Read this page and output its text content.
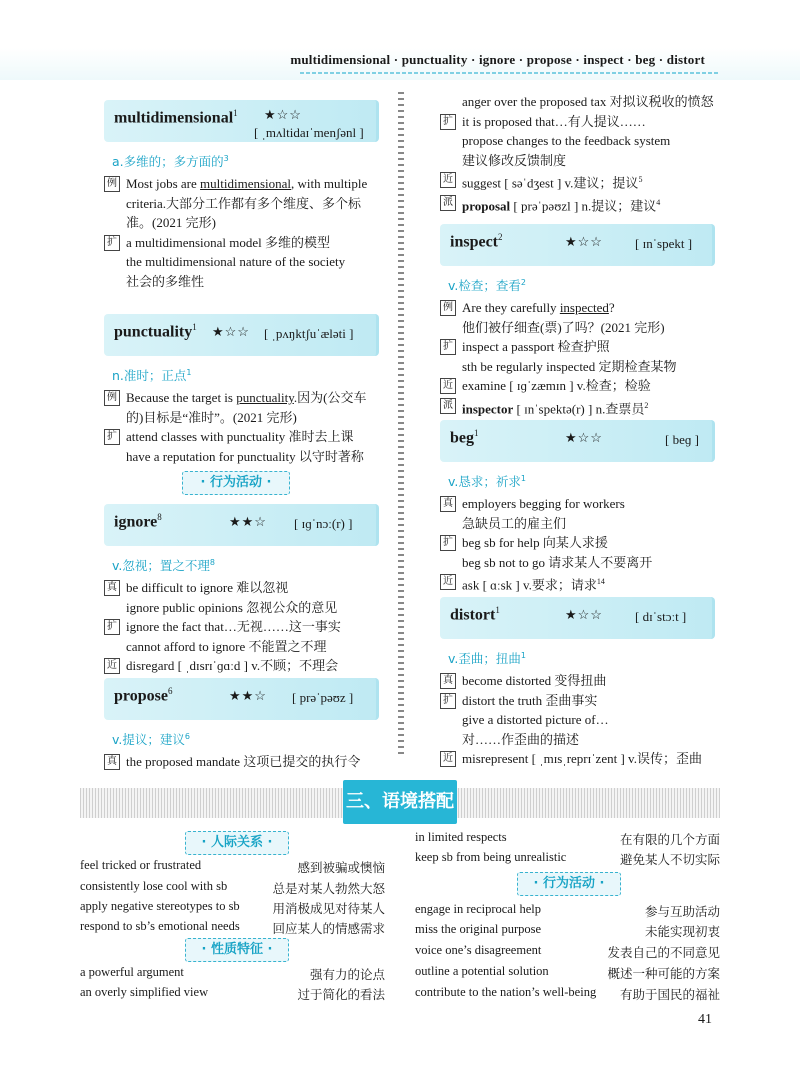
multidimensional · punctuality · ignore · propose · inspect · beg · distort
multidimensional$^1$ ★☆☆
[ ˌmʌltidaɪˈmenʃənl ]
a.多维的；多方面的$^3$
例 Most jobs are multidimensional, with multiple
criteria.大部分工作都有多个维度、多个标
准。(2021 完形)
扩 a multidimensional model 多维的模型
the multidimensional nature of the society
社会的多维性
punctuality$^1$ ★☆☆ [ ˌpʌŋktʃuˈæləti ]
n.准时；正点$^1$
例 Because the target is punctuality.因为(公交车
的)目标是“准时”。(2021 完形)
扩 attend classes with punctuality 准时去上课
have a reputation for punctuality 以守时著称
· 行为活动 ·
ignore$^8$	★★☆ [ ɪɡˈnɔː(r) ]
v.忽视；置之不理$^8$
真 be difficult to ignore 难以忽视
ignore public opinions 忽视公众的意见
扩 ignore the fact that…无视……这一事实
cannot afford to ignore 不能置之不理
近 disregard [ ˌdɪsrɪˈɡɑːd ] v.不顾；不理会
propose$^6$	★★☆ [ prəˈpəʊz ]
v.提议；建议$^6$
真 the proposed mandate 这项已提交的执行令
anger over the proposed tax 对拟议税收的愤怒
扩 it is proposed that…有人提议……
propose changes to the feedback system
建议修改反馈制度
近 suggest [ səˈdʒest ] v.建议；提议$^5$
派 proposal [ prəˈpəʊzl ] n.提议；建议$^4$
inspect$^2$	★☆☆ [ ɪnˈspekt ]
v.检查；查看$^2$
例 Are they carefully inspected?
他们被仔细查(票)了吗？(2021 完形)
扩 inspect a passport 检查护照
sth be regularly inspected 定期检查某物
近 examine [ ɪɡˈzæmɪn ] v.检查；检验
派 inspector [ ɪnˈspektə(r) ] n.查票员$^2$
beg$^1$	★☆☆	[ beɡ ]
v.恳求；祈求$^1$
真 employers begging for workers
急缺员工的雇主们
扩 beg sb for help 向某人求援
beg sb not to go 请求某人不要离开
近 ask [ ɑːsk ] v.要求；请求$^{14}$
distort$^1$	★☆☆ [ dɪˈstɔːt ]
v.歪曲；扭曲$^1$
真 become distorted 变得扭曲
扩 distort the truth 歪曲事实
give a distorted picture of…
对……作歪曲的描述
近 misrepresent [ ˌmɪsˌreprɪˈzent ] v.误传；歪曲
三、语境搭配
· 人际关系 ·
feel tricked or frustrated	感到被骗或懊恼
consistently lose cool with sb	总是对某人勃然大怒
apply negative stereotypes to sb	用消极成见对待某人
respond to sb’s emotional needs	回应某人的情感需求
· 性质特征 ·
a powerful argument	强有力的论点
an overly simplified view	过于简化的看法
in limited respects	在有限的几个方面
keep sb from being unrealistic	避免某人不切实际
· 行为活动 ·
engage in reciprocal help	参与互助活动
miss the original purpose	未能实现初衷
voice one’s disagreement	发表自己的不同意见
outline a potential solution	概述一种可能的方案
contribute to the nation’s well-being 有助于国民的福祉
41
